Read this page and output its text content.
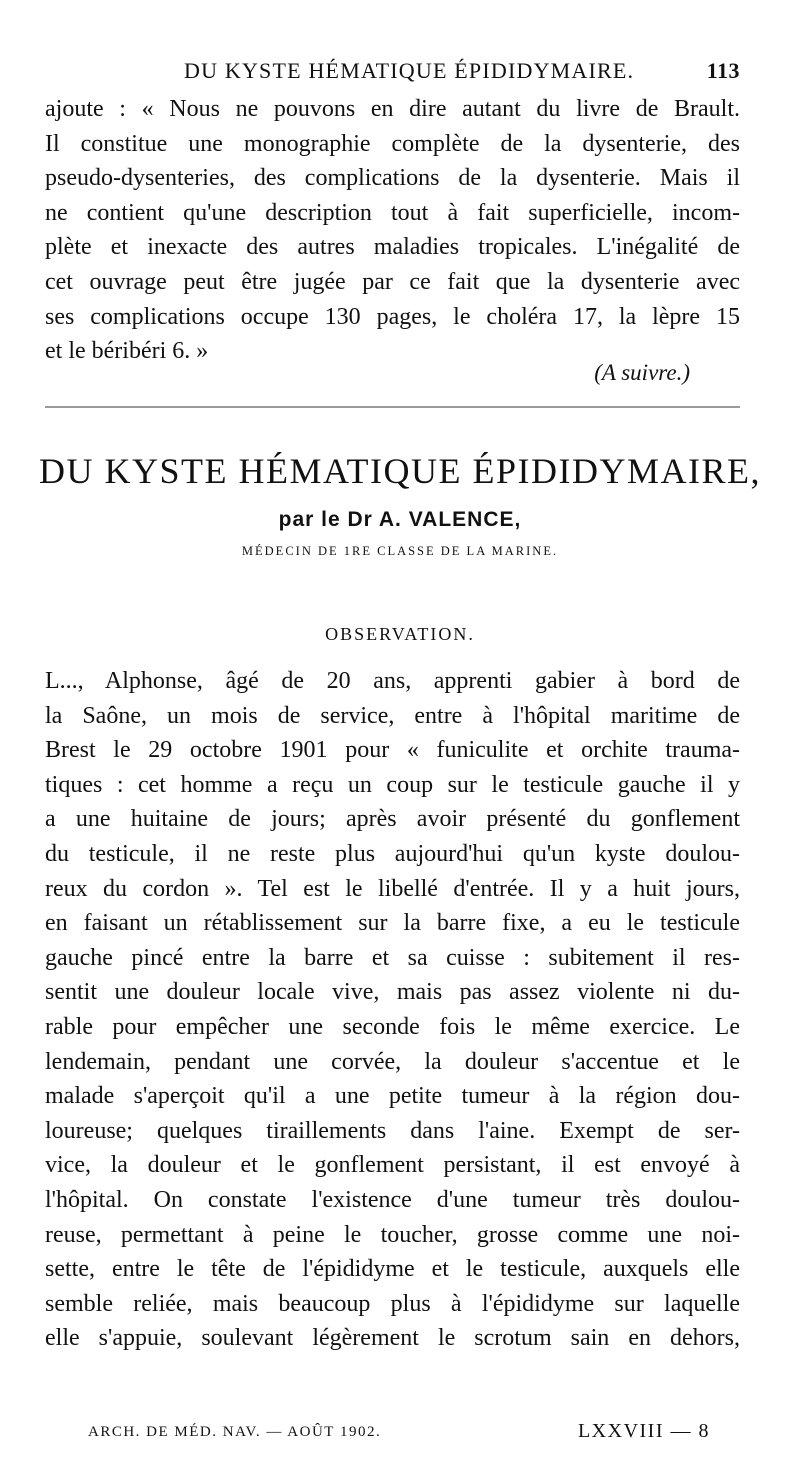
DU KYSTE HÉMATIQUE ÉPIDIDYMAIRE.	113
ajoute : « Nous ne pouvons en dire autant du livre de Brault.
Il constitue une monographie complète de la dysenterie, des
pseudo-dysenteries, des complications de la dysenterie. Mais il
ne contient qu'une description tout à fait superficielle, incom-
plète et inexacte des autres maladies tropicales. L'inégalité de
cet ouvrage peut être jugée par ce fait que la dysenterie avec
ses complications occupe 130 pages, le choléra 17, la lèpre 15
et le béribéri 6. »
(A suivre.)
DU KYSTE HÉMATIQUE ÉPIDIDYMAIRE,
par le Dr A. VALENCE,
MÉDECIN DE 1RE CLASSE DE LA MARINE.
OBSERVATION.
L..., Alphonse, âgé de 20 ans, apprenti gabier à bord de
la Saône, un mois de service, entre à l'hôpital maritime de
Brest le 29 octobre 1901 pour « funiculite et orchite trauma-
tiques : cet homme a reçu un coup sur le testicule gauche il y
a une huitaine de jours; après avoir présenté du gonflement
du testicule, il ne reste plus aujourd'hui qu'un kyste doulou-
reux du cordon ». Tel est le libellé d'entrée. Il y a huit jours,
en faisant un rétablissement sur la barre fixe, a eu le testicule
gauche pincé entre la barre et sa cuisse : subitement il res-
sentit une douleur locale vive, mais pas assez violente ni du-
rable pour empêcher une seconde fois le même exercice. Le
lendemain, pendant une corvée, la douleur s'accentue et le
malade s'aperçoit qu'il a une petite tumeur à la région dou-
loureuse; quelques tiraillements dans l'aine. Exempt de ser-
vice, la douleur et le gonflement persistant, il est envoyé à
l'hôpital. On constate l'existence d'une tumeur très doulou-
reuse, permettant à peine le toucher, grosse comme une noi-
sette, entre le tête de l'épididyme et le testicule, auxquels elle
semble reliée, mais beaucoup plus à l'épididyme sur laquelle
elle s'appuie, soulevant légèrement le scrotum sain en dehors,
ARCH. DE MÉD. NAV. — AOÛT 1902.	LXXVIII — 8
